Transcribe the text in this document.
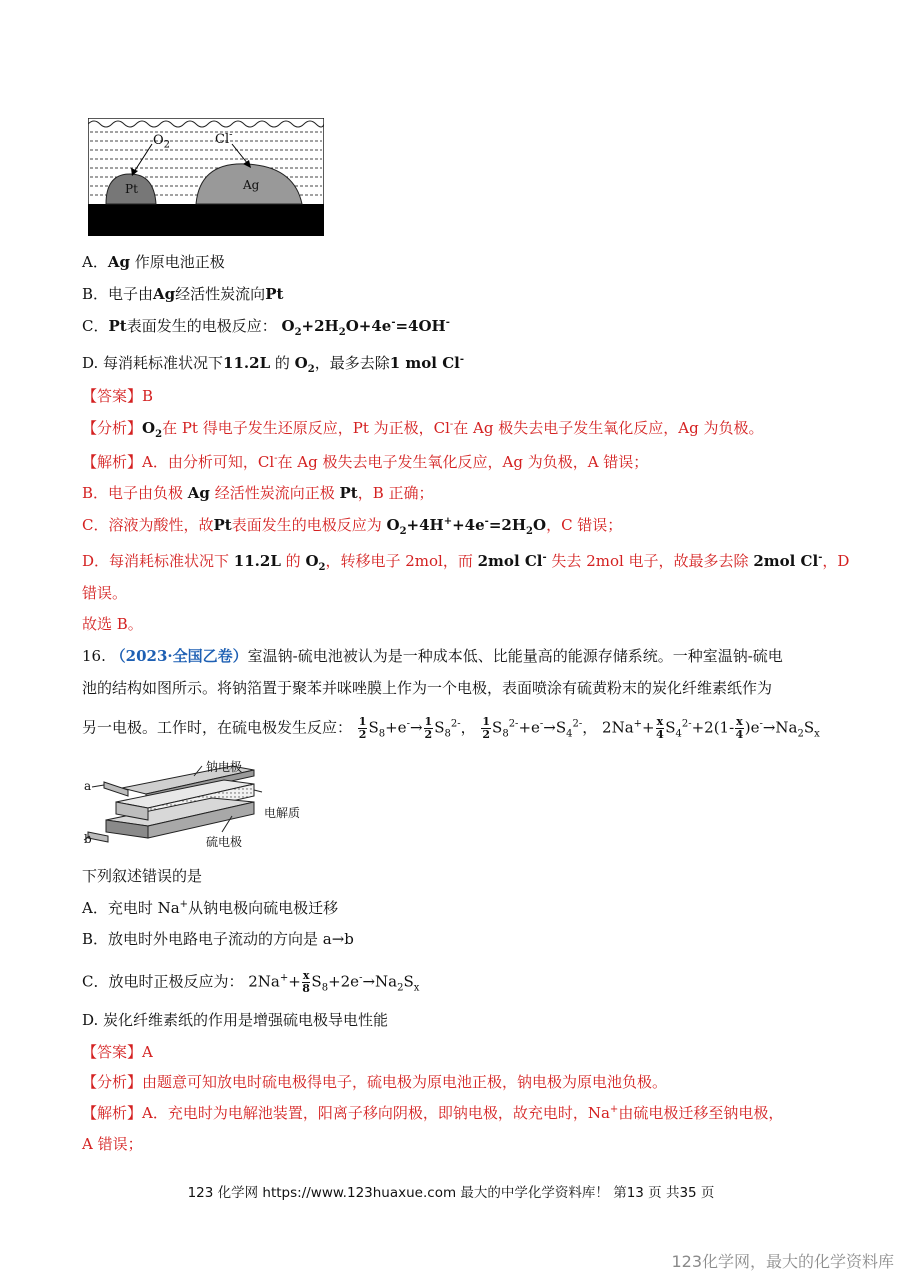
$O_2$	Cl-
Pt	Ag
A．Ag 作原电池正极
B．电子由Ag经活性炭流向Pt
C．Pt表面发生的电极反应： $O_2+2H_2O+4e^-=4OH^-$
D. 每消耗标准状况下11.2L 的 $O_2$，最多去除1 mol Cl-
【答案】B
【分析】$O_2$在 Pt 得电子发生还原反应，Pt 为正极，Cl-在 Ag 极失去电子发生氧化反应，Ag 为负极。
【解析】A．由分析可知，Cl-在 Ag 极失去电子发生氧化反应，Ag 为负极，A 错误；
B．电子由负极 Ag 经活性炭流向正极 Pt，B 正确；
C．溶液为酸性，故Pt表面发生的电极反应为 $O_2+4H^++4e^-=2H_2O$，C 错误；
D．每消耗标准状况下 11.2L 的 $O_2$，转移电子 2mol，而 2mol Cl- 失去 2mol 电子，故最多去除 2mol Cl-，D
错误。
故选 B。
16. （2023·全国乙卷）室温钠-硫电池被认为是一种成本低、比能量高的能源存储系统。一种室温钠-硫电
池的结构如图所示。将钠箔置于聚苯并咪唑膜上作为一个电极，表面喷涂有硫黄粉末的炭化纤维素纸作为
另一电极。工作时，在硫电极发生反应： $\frac{1}{2} S_8+e^-\to \frac{1}{2} S_8^{2-}$， $\frac{1}{2} S_8^{2-}+e^-\to S_4^{2-}$， $2Na^++ \frac{x}{4} S_4^{2-}+2(1- \frac{x}{4} )e^-\to Na_2S_x$
a
b
钠电极
电解质
硫电极
下列叙述错误的是
A．充电时 Na+从钠电极向硫电极迁移
B．放电时外电路电子流动的方向是 a→b
C．放电时正极反应为： $2Na^++ \frac{x}{8} S_8+2e^-\to Na_2S_x$
D. 炭化纤维素纸的作用是增强硫电极导电性能
【答案】A
【分析】由题意可知放电时硫电极得电子，硫电极为原电池正极，钠电极为原电池负极。
【解析】A．充电时为电解池装置，阳离子移向阴极，即钠电极，故充电时，Na+由硫电极迁移至钠电极，
A 错误；
123 化学网 https://www.123huaxue.com 最大的中学化学资料库！ 第13 页 共35 页
123化学网，最大的化学资料库
